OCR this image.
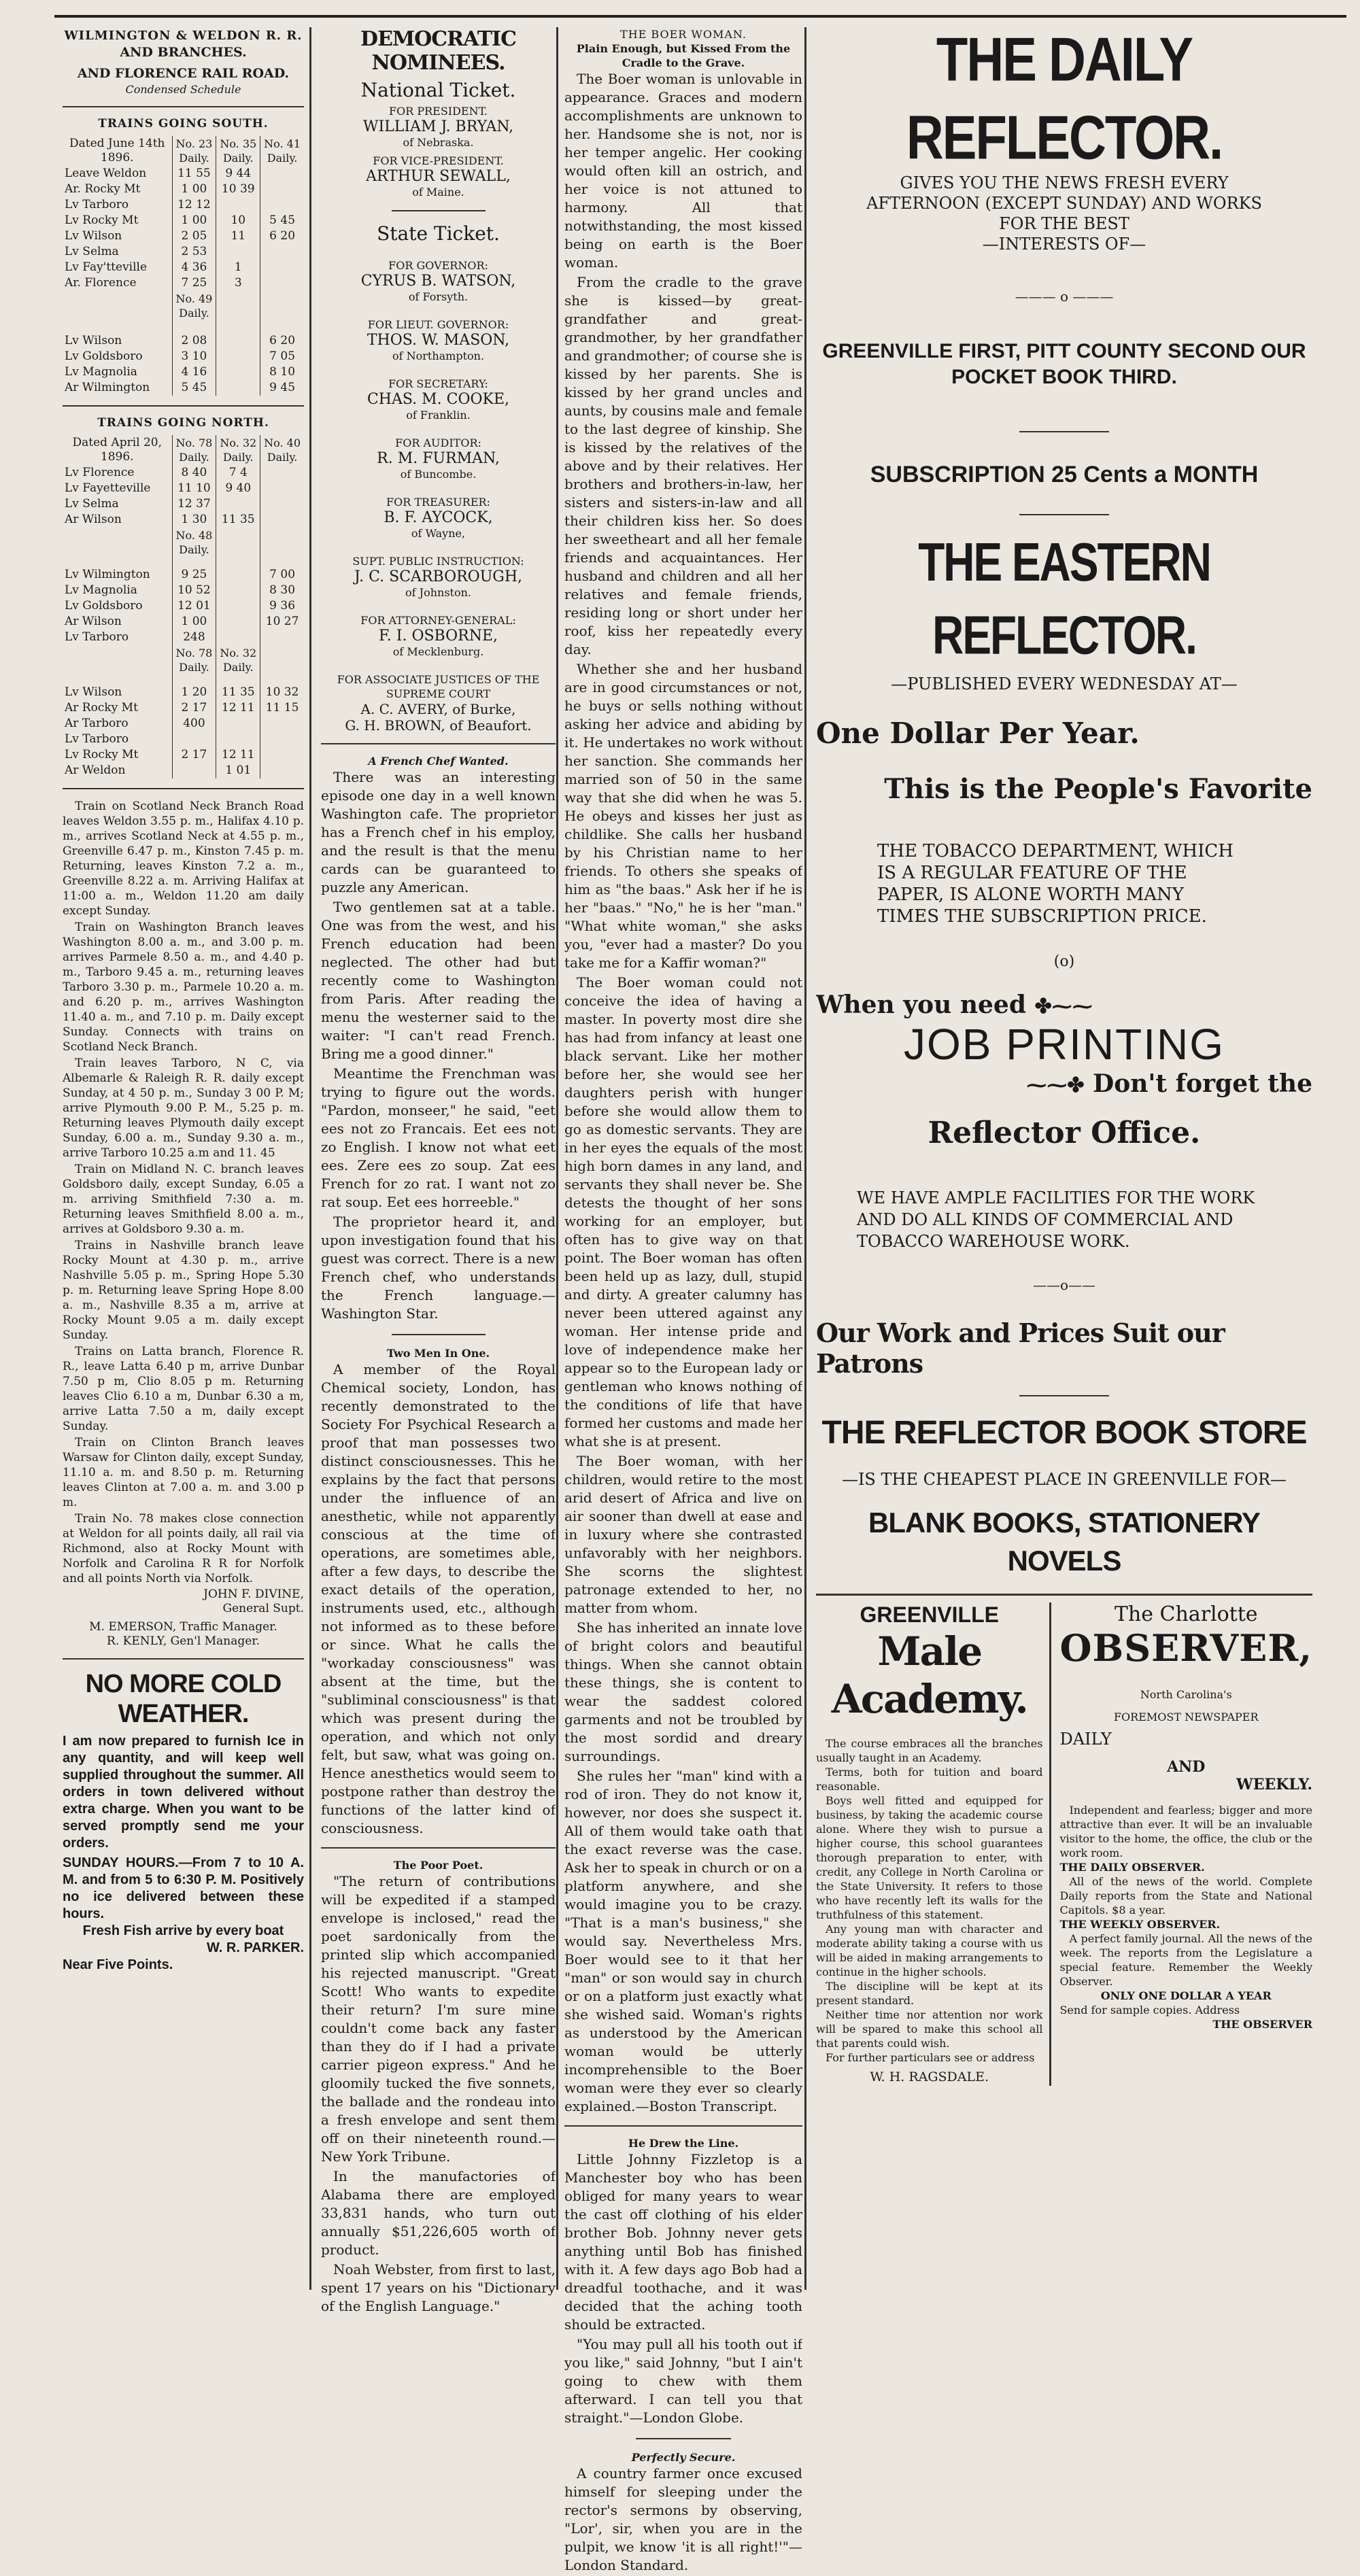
WILMINGTON & WELDON R. R.
AND BRANCHES.
AND FLORENCE RAIL ROAD.
Condensed Schedule
TRAINS GOING SOUTH.
Dated June 14th 1896.	No. 23 Daily.	No. 35 Daily.	No. 41 Daily.
Leave Weldon	11 55	9 44	
Ar. Rocky Mt	1 00	10 39	
Lv Tarboro	12 12		
Lv Rocky Mt	1 00	10	5 45
Lv Wilson	2 05	11	6 20
Lv Selma	2 53		
Lv Fay'tteville	4 36	1	
Ar. Florence	7 25	3	
	No. 49 Daily.		
Lv Wilson	2 08		6 20
Lv Goldsboro	3 10		7 05
Lv Magnolia	4 16		8 10
Ar Wilmington	5 45		9 45
TRAINS GOING NORTH.
Dated April 20, 1896.	No. 78 Daily.	No. 32 Daily.	No. 40 Daily.
Lv Florence	8 40	7 4	
Lv Fayetteville	11 10	9 40	
Lv Selma	12 37		
Ar Wilson	1 30	11 35	
	No. 48 Daily.		
Lv Wilmington	9 25		7 00
Lv Magnolia	10 52		8 30
Lv Goldsboro	12 01		9 36
Ar Wilson	1 00		10 27
Lv Tarboro	248		
	No. 78 Daily.	No. 32 Daily.	
Lv Wilson	1 20	11 35	10 32
Ar Rocky Mt	2 17	12 11	11 15
Ar Tarboro	400		
Lv Tarboro			
Lv Rocky Mt	2 17	12 11	
Ar Weldon		1 01	

Train on Scotland Neck Branch Road leaves Weldon 3.55 p. m., Halifax 4.10 p. m., arrives Scotland Neck at 4.55 p. m., Greenville 6.47 p. m., Kinston 7.45 p. m. Returning, leaves Kinston 7.2 a. m., Greenville 8.22 a. m. Arriving Halifax at 11:00 a. m., Weldon 11.20 am daily except Sunday.

Train on Washington Branch leaves Washington 8.00 a. m., and 3.00 p. m. arrives Parmele 8.50 a. m., and 4.40 p. m., Tarboro 9.45 a. m., returning leaves Tarboro 3.30 p. m., Parmele 10.20 a. m. and 6.20 p. m., arrives Washington 11.40 a. m., and 7.10 p. m. Daily except Sunday. Connects with trains on Scotland Neck Branch.

Train leaves Tarboro, N C, via Albemarle & Raleigh R. R. daily except Sunday, at 4 50 p. m., Sunday 3 00 P. M; arrive Plymouth 9.00 P. M., 5.25 p. m. Returning leaves Plymouth daily except Sunday, 6.00 a. m., Sunday 9.30 a. m., arrive Tarboro 10.25 a.m and 11. 45

Train on Midland N. C. branch leaves Goldsboro daily, except Sunday, 6.05 a m. arriving Smithfield 7:30 a. m. Returning leaves Smithfield 8.00 a. m., arrives at Goldsboro 9.30 a. m.

Trains in Nashville branch leave Rocky Mount at 4.30 p. m., arrive Nashville 5.05 p. m., Spring Hope 5.30 p. m. Returning leave Spring Hope 8.00 a. m., Nashville 8.35 a m, arrive at Rocky Mount 9.05 a m. daily except Sunday.

Trains on Latta branch, Florence R. R., leave Latta 6.40 p m, arrive Dunbar 7.50 p m, Clio 8.05 p m. Returning leaves Clio 6.10 a m, Dunbar 6.30 a m, arrive Latta 7.50 a m, daily except Sunday.

Train on Clinton Branch leaves Warsaw for Clinton daily, except Sunday, 11.10 a. m. and 8.50 p. m. Returning leaves Clinton at 7.00 a. m. and 3.00 p m.

Train No. 78 makes close connection at Weldon for all points daily, all rail via Richmond, also at Rocky Mount with Norfolk and Carolina R R for Norfolk and all points North via Norfolk.

JOHN F. DIVINE,
General Supt.
M. EMERSON, Traffic Manager.
R. KENLY, Gen'l Manager.
NO MORE COLD WEATHER.
I am now prepared to furnish Ice in any quantity, and will keep well supplied throughout the summer. All orders in town delivered without extra charge. When you want to be served promptly send me your orders.
SUNDAY HOURS.—From 7 to 10 A. M. and from 5 to 6:30 P. M. Positively no ice delivered between these hours.
Fresh Fish arrive by every boat
W. R. PARKER.
Near Five Points.
DEMOCRATIC NOMINEES.
National Ticket.
FOR PRESIDENT.
WILLIAM J. BRYAN,
of Nebraska.
FOR VICE-PRESIDENT.
ARTHUR SEWALL,
of Maine.
State Ticket.
FOR GOVERNOR:
CYRUS B. WATSON,
of Forsyth.
FOR LIEUT. GOVERNOR:
THOS. W. MASON,
of Northampton.
FOR SECRETARY:
CHAS. M. COOKE,
of Franklin.
FOR AUDITOR:
R. M. FURMAN,
of Buncombe.
FOR TREASURER:
B. F. AYCOCK,
of Wayne,
SUPT. PUBLIC INSTRUCTION:
J. C. SCARBOROUGH,
of Johnston.
FOR ATTORNEY-GENERAL:
F. I. OSBORNE,
of Mecklenburg.
FOR ASSOCIATE JUSTICES OF THE SUPREME COURT
A. C. AVERY, of Burke,
G. H. BROWN, of Beaufort.
A French Chef Wanted.

There was an interesting episode one day in a well known Washington cafe. The proprietor has a French chef in his employ, and the result is that the menu cards can be guaranteed to puzzle any American.

Two gentlemen sat at a table. One was from the west, and his French education had been neglected. The other had but recently come to Washington from Paris. After reading the menu the westerner said to the waiter: "I can't read French. Bring me a good dinner."

Meantime the Frenchman was trying to figure out the words. "Pardon, monseer," he said, "eet ees not zo Francais. Eet ees not zo English. I know not what eet ees. Zere ees zo soup. Zat ees French for zo rat. I want not zo rat soup. Eet ees horreeble."

The proprietor heard it, and upon investigation found that his guest was correct. There is a new French chef, who understands the French language.—Washington Star.

Two Men In One.

A member of the Royal Chemical society, London, has recently demonstrated to the Society For Psychical Research a proof that man possesses two distinct consciousnesses. This he explains by the fact that persons under the influence of an anesthetic, while not apparently conscious at the time of operations, are sometimes able, after a few days, to describe the exact details of the operation, instruments used, etc., although not informed as to these before or since. What he calls the "workaday consciousness" was absent at the time, but the "subliminal consciousness" is that which was present during the operation, and which not only felt, but saw, what was going on. Hence anesthetics would seem to postpone rather than destroy the functions of the latter kind of consciousness.

The Poor Poet.

"The return of contributions will be expedited if a stamped envelope is inclosed," read the poet sardonically from the printed slip which accompanied his rejected manuscript. "Great Scott! Who wants to expedite their return? I'm sure mine couldn't come back any faster than they do if I had a private carrier pigeon express." And he gloomily tucked the five sonnets, the ballade and the rondeau into a fresh envelope and sent them off on their nineteenth round.—New York Tribune.

In the manufactories of Alabama there are employed 33,831 hands, who turn out annually $51,226,605 worth of product.

Noah Webster, from first to last, spent 17 years on his "Dictionary of the English Language."

THE BOER WOMAN.
Plain Enough, but Kissed From the Cradle to the Grave.

The Boer woman is unlovable in appearance. Graces and modern accomplishments are unknown to her. Handsome she is not, nor is her temper angelic. Her cooking would often kill an ostrich, and her voice is not attuned to harmony. All that notwithstanding, the most kissed being on earth is the Boer woman.

From the cradle to the grave she is kissed—by great-grandfather and great-grandmother, by her grandfather and grandmother; of course she is kissed by her parents. She is kissed by her grand uncles and aunts, by cousins male and female to the last degree of kinship. She is kissed by the relatives of the above and by their relatives. Her brothers and brothers-in-law, her sisters and sisters-in-law and all their children kiss her. So does her sweetheart and all her female friends and acquaintances. Her husband and children and all her relatives and female friends, residing long or short under her roof, kiss her repeatedly every day.

Whether she and her husband are in good circumstances or not, he buys or sells nothing without asking her advice and abiding by it. He undertakes no work without her sanction. She commands her married son of 50 in the same way that she did when he was 5. He obeys and kisses her just as childlike. She calls her husband by his Christian name to her friends. To others she speaks of him as "the baas." Ask her if he is her "baas." "No," he is her "man." "What white woman," she asks you, "ever had a master? Do you take me for a Kaffir woman?"

The Boer woman could not conceive the idea of having a master. In poverty most dire she has had from infancy at least one black servant. Like her mother before her, she would see her daughters perish with hunger before she would allow them to go as domestic servants. They are in her eyes the equals of the most high born dames in any land, and servants they shall never be. She detests the thought of her sons working for an employer, but often has to give way on that point. The Boer woman has often been held up as lazy, dull, stupid and dirty. A greater calumny has never been uttered against any woman. Her intense pride and love of independence make her appear so to the European lady or gentleman who knows nothing of the conditions of life that have formed her customs and made her what she is at present.

The Boer woman, with her children, would retire to the most arid desert of Africa and live on air sooner than dwell at ease and in luxury where she contrasted unfavorably with her neighbors. She scorns the slightest patronage extended to her, no matter from whom.

She has inherited an innate love of bright colors and beautiful things. When she cannot obtain these things, she is content to wear the saddest colored garments and not be troubled by the most sordid and dreary surroundings.

She rules her "man" kind with a rod of iron. They do not know it, however, nor does she suspect it. All of them would take oath that the exact reverse was the case. Ask her to speak in church or on a platform anywhere, and she would imagine you to be crazy. "That is a man's business," she would say. Nevertheless Mrs. Boer would see to it that her "man" or son would say in church or on a platform just exactly what she wished said. Woman's rights as understood by the American woman would be utterly incomprehensible to the Boer woman were they ever so clearly explained.—Boston Transcript.

He Drew the Line.

Little Johnny Fizzletop is a Manchester boy who has been obliged for many years to wear the cast off clothing of his elder brother Bob. Johnny never gets anything until Bob has finished with it. A few days ago Bob had a dreadful toothache, and it was decided that the aching tooth should be extracted.

"You may pull all his tooth out if you like," said Johnny, "but I ain't going to chew with them afterward. I can tell you that straight."—London Globe.

Perfectly Secure.

A country farmer once excused himself for sleeping under the rector's sermons by observing, "Lor', sir, when you are in the pulpit, we know 'it is all right!'"—London Standard.

THE DAILY REFLECTOR.
GIVES YOU THE NEWS FRESH EVERY AFTERNOON (EXCEPT SUNDAY) AND WORKS FOR THE BEST
—INTERESTS OF—
——— o ———
GREENVILLE FIRST, PITT COUNTY SECOND OUR POCKET BOOK THIRD.
SUBSCRIPTION 25 Cents a MONTH
THE EASTERN REFLECTOR.
—PUBLISHED EVERY WEDNESDAY AT—
One Dollar Per Year.
This is the People's Favorite
THE TOBACCO DEPARTMENT, WHICH IS A REGULAR FEATURE OF THE PAPER, IS ALONE WORTH MANY TIMES THE SUBSCRIPTION PRICE.
(o)
When you need ✤⁓⁓
JOB PRINTING
⁓⁓✤ Don't forget the
Reflector Office.
WE HAVE AMPLE FACILITIES FOR THE WORK AND DO ALL KINDS OF COMMERCIAL AND TOBACCO WAREHOUSE WORK.
——o——
Our Work and Prices Suit our Patrons
THE REFLECTOR BOOK STORE
—IS THE CHEAPEST PLACE IN GREENVILLE FOR—
BLANK BOOKS, STATIONERY NOVELS
GREENVILLE
Male Academy.

The course embraces all the branches usually taught in an Academy.

Terms, both for tuition and board reasonable.

Boys well fitted and equipped for business, by taking the academic course alone. Where they wish to pursue a higher course, this school guarantees thorough preparation to enter, with credit, any College in North Carolina or the State University. It refers to those who have recently left its walls for the truthfulness of this statement.

Any young man with character and moderate ability taking a course with us will be aided in making arrangements to continue in the higher schools.

The discipline will be kept at its present standard.

Neither time nor attention nor work will be spared to make this school all that parents could wish.

For further particulars see or address

W. H. RAGSDALE.
The Charlotte
OBSERVER,
North Carolina's
FOREMOST NEWSPAPER
DAILY
AND
WEEKLY.

Independent and fearless; bigger and more attractive than ever. It will be an invaluable visitor to the home, the office, the club or the work room.

THE DAILY OBSERVER.

All of the news of the world. Complete Daily reports from the State and National Capitols. $8 a year.

THE WEEKLY OBSERVER.

A perfect family journal. All the news of the week. The reports from the Legislature a special feature. Remember the Weekly Observer.

ONLY ONE DOLLAR A YEAR

Send for sample copies. Address

THE OBSERVER
